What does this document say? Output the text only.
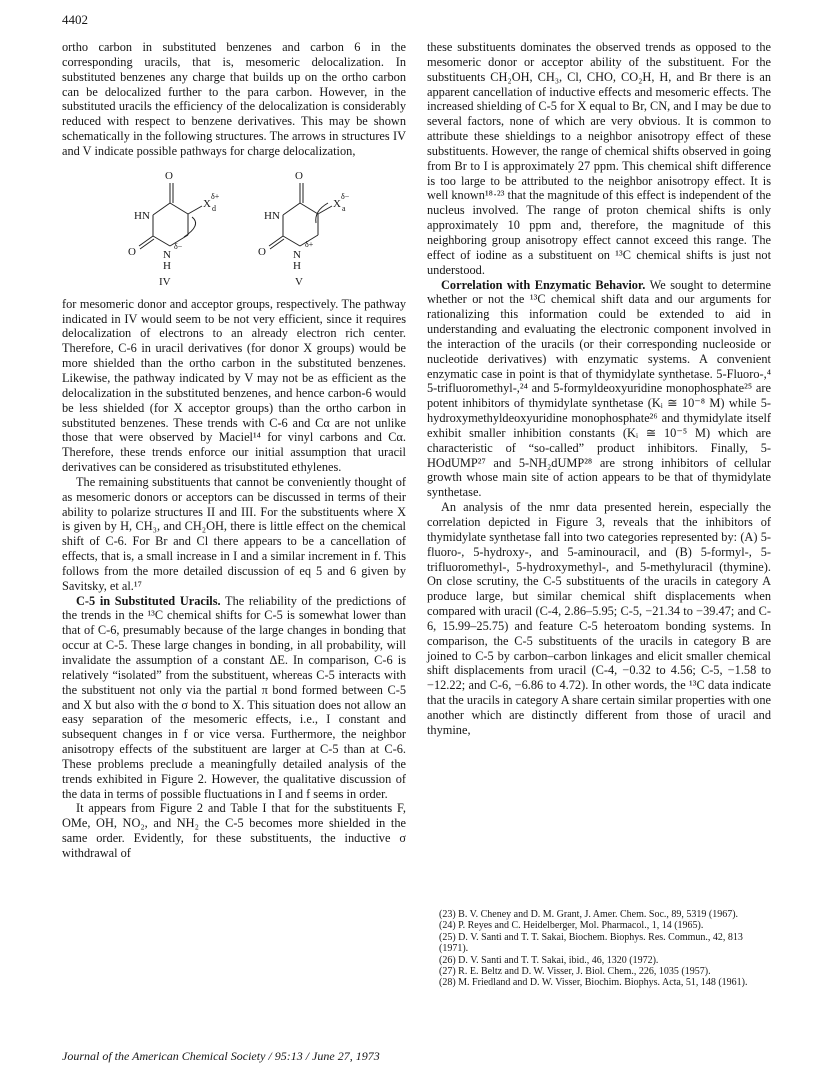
4402

ortho carbon in substituted benzenes and carbon 6 in the corresponding uracils, that is, mesomeric delocalization. In substituted benzenes any charge that builds up on the ortho carbon can be delocalized further to the para carbon. However, in the substituted uracils the efficiency of the delocalization is considerably reduced with respect to benzene derivatives. This may be shown schematically in the following structures. The arrows in structures IV and V indicate possible pathways for charge delocalization,

O
HN
O N
H
X
δ+
d
δ−
IV
O
HN
O N
H
X
δ−
a
δ+
V

for mesomeric donor and acceptor groups, respectively. The pathway indicated in IV would seem to be not very efficient, since it requires delocalization of electrons to an already electron rich center. Therefore, C-6 in uracil derivatives (for donor X groups) would be more shielded than the ortho carbon in the substituted benzenes. Likewise, the pathway indicated by V may not be as efficient as the delocalization in the substituted benzenes, and hence carbon-6 would be less shielded (for X acceptor groups) than the ortho carbon in substituted benzenes. These trends with C-6 and Cα are not unlike those that were observed by Maciel¹⁴ for vinyl carbons and Cα. Therefore, these trends enforce our initial assumption that uracil derivatives can be considered as trisubstituted ethylenes.

The remaining substituents that cannot be conveniently thought of as mesomeric donors or acceptors can be discussed in terms of their ability to polarize structures II and III. For the substituents where X is given by H, CH₃, and CH₂OH, there is little effect on the chemical shift of C-6. For Br and Cl there appears to be a cancellation of effects, that is, a small increase in I and a similar increment in f. This follows from the more detailed discussion of eq 5 and 6 given by Savitsky, et al.¹⁷

C-5 in Substituted Uracils. The reliability of the predictions of the trends in the ¹³C chemical shifts for C-5 is somewhat lower than that of C-6, presumably because of the large changes in bonding that occur at C-5. These large changes in bonding, in all probability, will invalidate the assumption of a constant ΔE. In comparison, C-6 is relatively “isolated” from the substituent, whereas C-5 interacts with the substituent not only via the partial π bond formed between C-5 and X but also with the σ bond to X. This situation does not allow an easy separation of the mesomeric effects, i.e., I constant and subsequent changes in f or vice versa. Furthermore, the neighbor anisotropy effects of the substituent are larger at C-5 than at C-6. These problems preclude a meaningfully detailed analysis of the trends exhibited in Figure 2. However, the qualitative discussion of the data in terms of possible fluctuations in I and f seems in order.

It appears from Figure 2 and Table I that for the substituents F, OMe, OH, NO₂, and NH₂ the C-5 becomes more shielded in the same order. Evidently, for these substituents, the inductive σ withdrawal of

these substituents dominates the observed trends as opposed to the mesomeric donor or acceptor ability of the substituent. For the substituents CH₂OH, CH₃, Cl, CHO, CO₂H, H, and Br there is an apparent cancellation of inductive effects and mesomeric effects. The increased shielding of C-5 for X equal to Br, CN, and I may be due to several factors, none of which are very obvious. It is common to attribute these shieldings to a neighbor anisotropy effect of these substituents. However, the range of chemical shifts observed in going from Br to I is approximately 27 ppm. This chemical shift difference is too large to be attributed to the neighbor anisotropy effect. It is well known¹⁸·²³ that the magnitude of this effect is independent of the nucleus involved. The range of proton chemical shifts is only approximately 10 ppm and, therefore, the magnitude of this neighboring group anisotropy effect cannot exceed this range. The effect of iodine as a substituent on ¹³C chemical shifts is just not understood.

Correlation with Enzymatic Behavior. We sought to determine whether or not the ¹³C chemical shift data and our arguments for rationalizing this information could be extended to aid in understanding and evaluating the electronic component involved in the interaction of the uracils (or their corresponding nucleoside or nucleotide derivatives) with enzymatic systems. A convenient enzymatic case in point is that of thymidylate synthetase. 5-Fluoro-,⁴ 5-trifluoromethyl-,²⁴ and 5-formyldeoxyuridine monophosphate²⁵ are potent inhibitors of thymidylate synthetase (Kᵢ ≅ 10⁻⁸ M) while 5-hydroxymethyldeoxyuridine monophosphate²⁶ and thymidylate itself exhibit smaller inhibition constants (Kᵢ ≅ 10⁻⁵ M) which are characteristic of “so-called” product inhibitors. Finally, 5-HOdUMP²⁷ and 5-NH₂dUMP²⁸ are strong inhibitors of cellular growth whose main site of action appears to be that of thymidylate synthetase.

An analysis of the nmr data presented herein, especially the correlation depicted in Figure 3, reveals that the inhibitors of thymidylate synthetase fall into two categories represented by: (A) 5-fluoro-, 5-hydroxy-, and 5-aminouracil, and (B) 5-formyl-, 5-trifluoromethyl-, 5-hydroxymethyl-, and 5-methyluracil (thymine). On close scrutiny, the C-5 substituents of the uracils in category A produce large, but similar chemical shift displacements when compared with uracil (C-4, 2.86–5.95; C-5, −21.34 to −39.47; and C-6, 15.99–25.75) and feature C-5 heteroatom bonding systems. In comparison, the C-5 substituents of the uracils in category B are joined to C-5 by carbon–carbon linkages and elicit smaller chemical shift displacements from uracil (C-4, −0.32 to 4.56; C-5, −1.58 to −12.22; and C-6, −6.86 to 4.72). In other words, the ¹³C data indicate that the uracils in category A share certain similar properties with one another which are distinctly different from those of uracil and thymine,

(23) B. V. Cheney and D. M. Grant, J. Amer. Chem. Soc., 89, 5319 (1967).

(24) P. Reyes and C. Heidelberger, Mol. Pharmacol., 1, 14 (1965).

(25) D. V. Santi and T. T. Sakai, Biochem. Biophys. Res. Commun., 42, 813 (1971).

(26) D. V. Santi and T. T. Sakai, ibid., 46, 1320 (1972).

(27) R. E. Beltz and D. W. Visser, J. Biol. Chem., 226, 1035 (1957).

(28) M. Friedland and D. W. Visser, Biochim. Biophys. Acta, 51, 148 (1961).

Journal of the American Chemical Society / 95:13 / June 27, 1973
